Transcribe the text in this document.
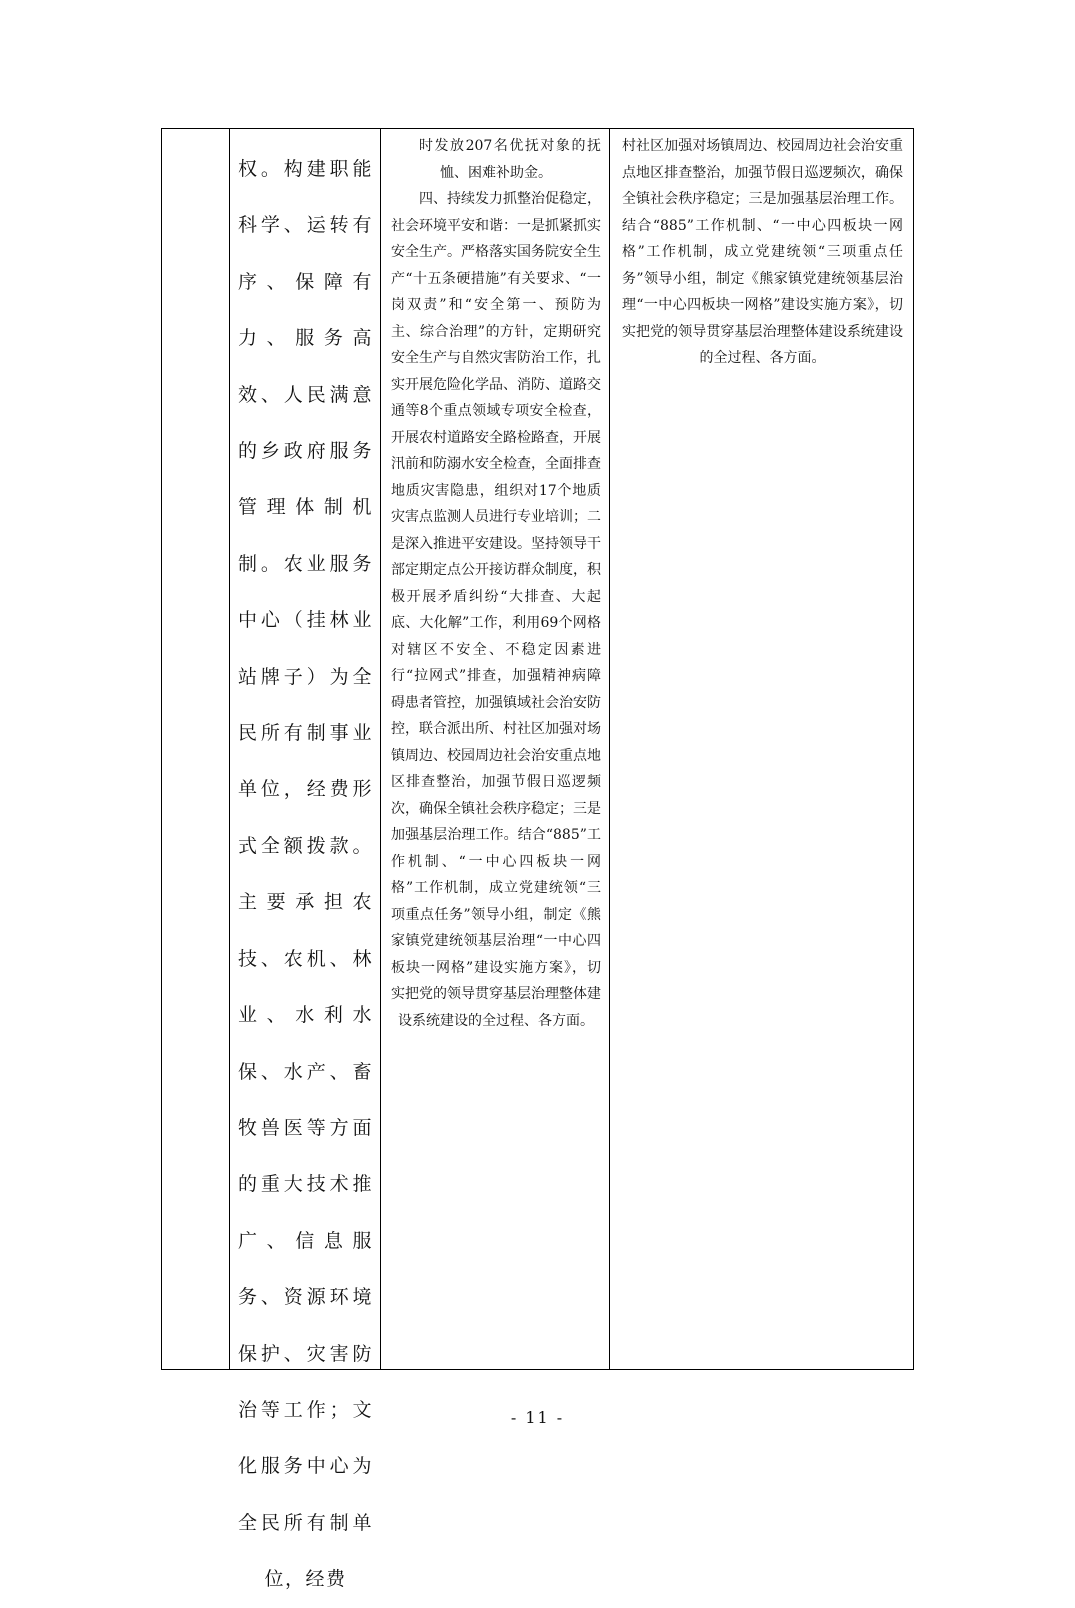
权。构建职能科学、运转有序、保障有力、服务高效、人民满意的乡政府服务管理体制机制。农业服务中心（挂林业站牌子）为全民所有制事业单位，经费形式全额拨款。主要承担农技、农机、林业、水利水保、水产、畜牧兽医等方面的重大技术推广、信息服务、资源环境保护、灾害防治等工作；文化服务中心为全民所有制单位，经费

时发放207名优抚对象的抚恤、困难补助金。

四、持续发力抓整治促稳定，社会环境平安和谐：一是抓紧抓实安全生产。严格落实国务院安全生产“十五条硬措施”有关要求、“一岗双责”和“安全第一、预防为主、综合治理”的方针，定期研究安全生产与自然灾害防治工作，扎实开展危险化学品、消防、道路交通等8个重点领域专项安全检查，开展农村道路安全路检路查，开展汛前和防溺水安全检查，全面排查地质灾害隐患，组织对17个地质灾害点监测人员进行专业培训；二是深入推进平安建设。坚持领导干部定期定点公开接访群众制度，积极开展矛盾纠纷“大排查、大起底、大化解”工作，利用69个网格对辖区不安全、不稳定因素进行“拉网式”排查，加强精神病障碍患者管控，加强镇域社会治安防控，联合派出所、村社区加强对场镇周边、校园周边社会治安重点地区排查整治，加强节假日巡逻频次，确保全镇社会秩序稳定；三是加强基层治理工作。结合“885”工作机制、“一中心四板块一网格”工作机制，成立党建统领“三项重点任务”领导小组，制定《熊家镇党建统领基层治理“一中心四板块一网格”建设实施方案》，切实把党的领导贯穿基层治理整体建设系统建设的全过程、各方面。

村社区加强对场镇周边、校园周边社会治安重点地区排查整治，加强节假日巡逻频次，确保全镇社会秩序稳定；三是加强基层治理工作。结合“885”工作机制、“一中心四板块一网格”工作机制，成立党建统领“三项重点任务”领导小组，制定《熊家镇党建统领基层治理“一中心四板块一网格”建设实施方案》，切实把党的领导贯穿基层治理整体建设系统建设的全过程、各方面。

- 11 -
